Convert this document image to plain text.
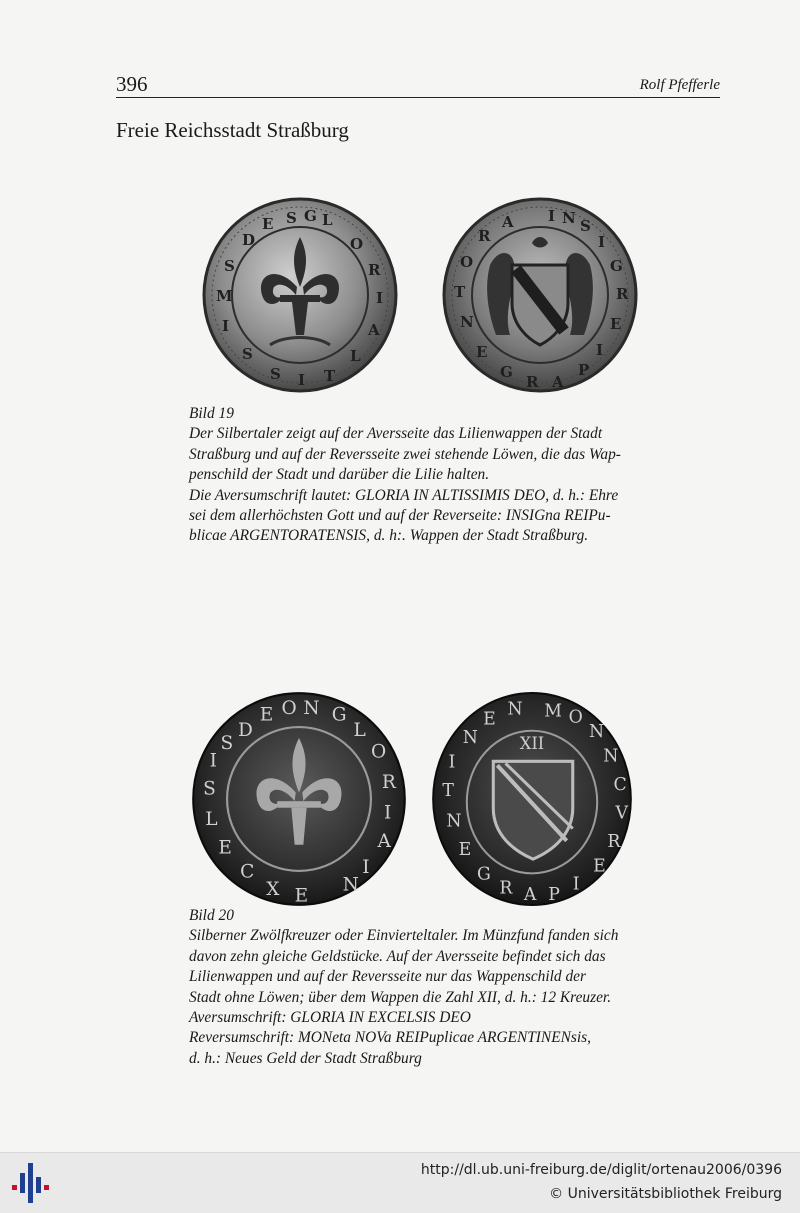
396	Rolf Pfefferle
Freie Reichsstadt Straßburg
S G L
O
R
I
A
L
T
I
S
S
I
M
S
D
E	I N S
I
G
R
E
I
P
A
R
G
E
N
T
O
R
A
Bild 19
Der Silbertaler zeigt auf der Aversseite das Lilienwappen der Stadt
Straßburg und auf der Reversseite zwei stehende Löwen, die das Wap-
penschild der Stadt und darüber die Lilie halten.
Die Aversumschrift lautet: GLORIA IN ALTISSIMIS DEO, d. h.: Ehre
sei dem allerhöchsten Gott und auf der Reverseite: INSIGna REIPu-
blicae ARGENTORATENSIS, d. h:. Wappen der Stadt Straßburg.
D
E O N G
L
O
R
I
A
I
N
E
X
C
E
L
S
I
S	XII
M O
N
N
C
V
R
E
I
P
A
R
G
E
N
T
I
N
E
N
Bild 20
Silberner Zwölfkreuzer oder Einvierteltaler. Im Münzfund fanden sich
davon zehn gleiche Geldstücke. Auf der Aversseite befindet sich das
Lilienwappen und auf der Reversseite nur das Wappenschild der
Stadt ohne Löwen; über dem Wappen die Zahl XII, d. h.: 12 Kreuzer.
Aversumschrift: GLORIA IN EXCELSIS DEO
Reversumschrift: MONeta NOVa REIPuplicae ARGENTINENsis,
d. h.: Neues Geld der Stadt Straßburg
http://dl.ub.uni-freiburg.de/diglit/ortenau2006/0396
© Universitätsbibliothek Freiburg
